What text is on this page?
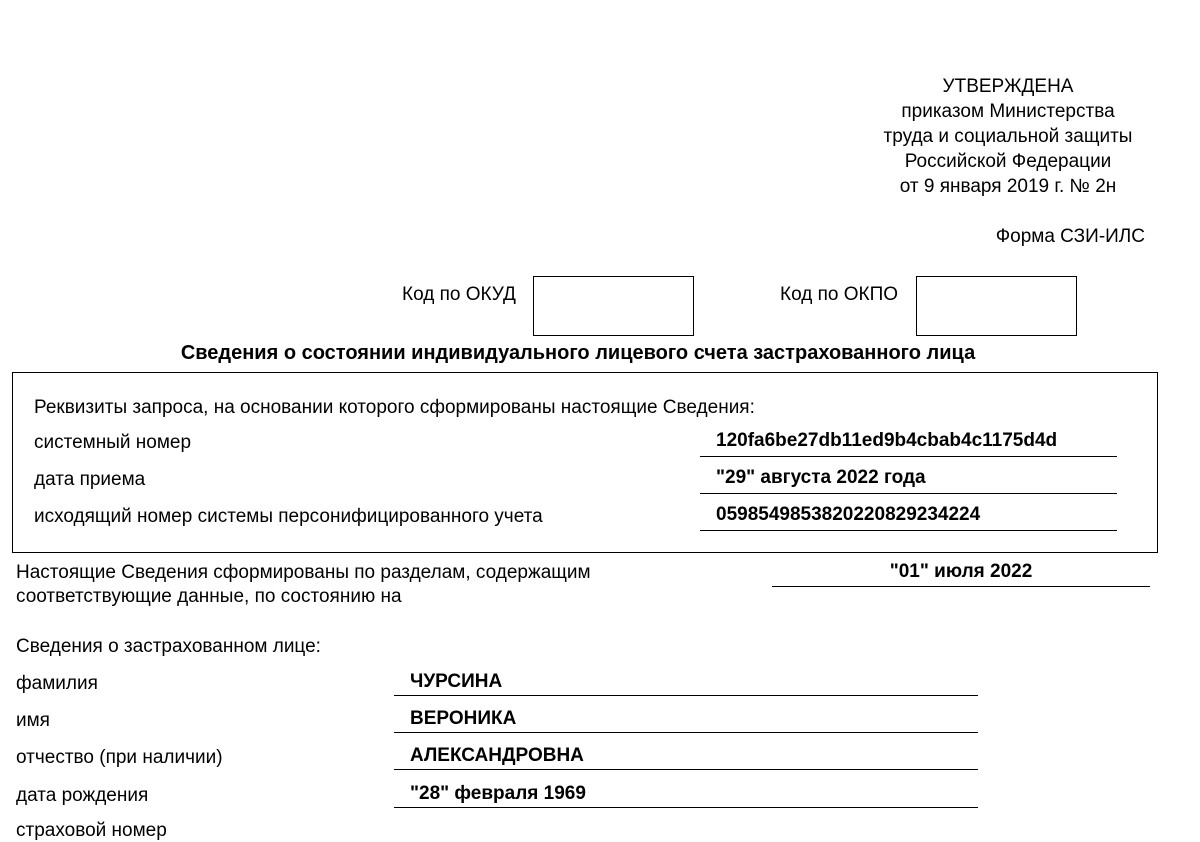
УТВЕРЖДЕНА
приказом Министерства
труда и социальной защиты
Российской Федерации
от 9 января 2019 г. № 2н
Форма СЗИ-ИЛС
Код по ОКУД	Код по ОКПО
Сведения о состоянии индивидуального лицевого счета застрахованного лица
Реквизиты запроса, на основании которого сформированы настоящие Сведения:
системный номер	120fa6be27db11ed9b4cbab4c1175d4d
дата приема	"29" августа 2022 года
исходящий номер системы персонифицированного учета	0598549853820220829234224
Настоящие Сведения сформированы по разделам, содержащим
соответствующие данные, по состоянию на
"01" июля 2022
Сведения о застрахованном лице:
фамилия	ЧУРСИНА
имя	ВЕРОНИКА
отчество (при наличии)	АЛЕКСАНДРОВНА
дата рождения	"28" февраля 1969
страховой номер
